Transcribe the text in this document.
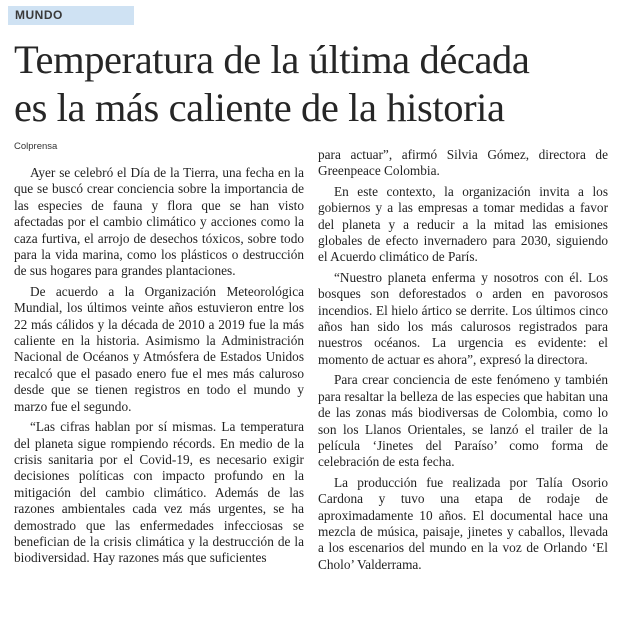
MUNDO
Temperatura de la última década
es la más caliente de la historia
Colprensa

Ayer se celebró el Día de la Tierra, una fecha en la que se buscó crear conciencia sobre la importancia de las especies de fauna y flora que se han visto afectadas por el cambio climático y acciones como la caza furtiva, el arrojo de desechos tóxicos, sobre todo para la vida marina, como los plásticos o destrucción de sus hogares para grandes plantaciones.

De acuerdo a la Organización Meteorológica Mundial, los últimos veinte años estuvieron entre los 22 más cálidos y la década de 2010 a 2019 fue la más caliente en la historia. Asimismo la Administración Nacional de Océanos y Atmósfera de Estados Unidos recalcó que el pasado enero fue el mes más caluroso desde que se tienen registros en todo el mundo y marzo fue el segundo.

“Las cifras hablan por sí mismas. La temperatura del planeta sigue rompiendo récords. En medio de la crisis sanitaria por el Covid-19, es necesario exigir decisiones políticas con impacto profundo en la mitigación del cambio climático. Además de las razones ambientales cada vez más urgentes, se ha demostrado que las enfermedades infecciosas se benefician de la crisis climática y la destrucción de la biodiversidad. Hay razones más que suficientes

para actuar”, afirmó Silvia Gómez, directora de Greenpeace Colombia.

En este contexto, la organización invita a los gobiernos y a las empresas a tomar medidas a favor del planeta y a reducir a la mitad las emisiones globales de efecto invernadero para 2030, siguiendo el Acuerdo climático de París.

“Nuestro planeta enferma y nosotros con él. Los bosques son deforestados o arden en pavorosos incendios. El hielo ártico se derrite. Los últimos cinco años han sido los más calurosos registrados para nuestros océanos. La urgencia es evidente: el momento de actuar es ahora”, expresó la directora.

Para crear conciencia de este fenómeno y también para resaltar la belleza de las especies que habitan una de las zonas más biodiversas de Colombia, como lo son los Llanos Orientales, se lanzó el trailer de la película ‘Jinetes del Paraíso’ como forma de celebración de esta fecha.

La producción fue realizada por Talía Osorio Cardona y tuvo una etapa de rodaje de aproximadamente 10 años. El documental hace una mezcla de música, paisaje, jinetes y caballos, llevada a los escenarios del mundo en la voz de Orlando ‘El Cholo’ Valderrama.
